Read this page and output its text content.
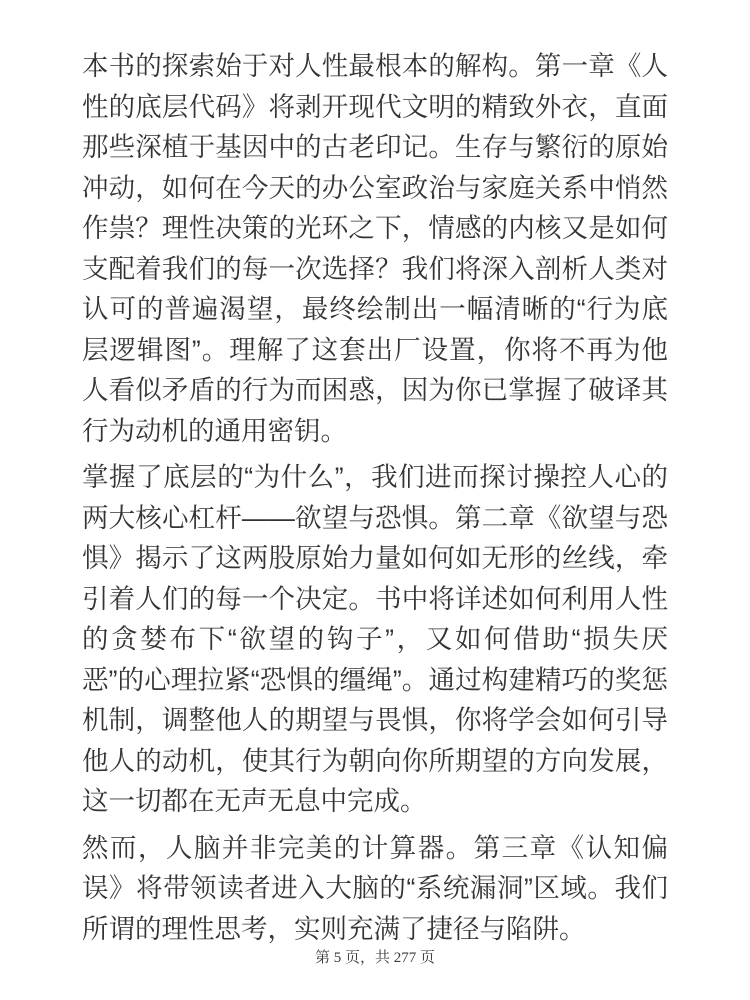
本书的探索始于对人性最根本的解构。第一章《人性的底层代码》将剥开现代文明的精致外衣，直面那些深植于基因中的古老印记。生存与繁衍的原始冲动，如何在今天的办公室政治与家庭关系中悄然作祟？理性决策的光环之下，情感的内核又是如何支配着我们的每一次选择？我们将深入剖析人类对认可的普遍渴望，最终绘制出一幅清晰的“行为底层逻辑图”。理解了这套出厂设置，你将不再为他人看似矛盾的行为而困惑，因为你已掌握了破译其行为动机的通用密钥。

掌握了底层的“为什么”，我们进而探讨操控人心的两大核心杠杆——欲望与恐惧。第二章《欲望与恐惧》揭示了这两股原始力量如何如无形的丝线，牵引着人们的每一个决定。书中将详述如何利用人性的贪婪布下“欲望的钩子”，又如何借助“损失厌恶”的心理拉紧“恐惧的缰绳”。通过构建精巧的奖惩机制，调整他人的期望与畏惧，你将学会如何引导他人的动机，使其行为朝向你所期望的方向发展，这一切都在无声无息中完成。

然而，人脑并非完美的计算器。第三章《认知偏误》将带领读者进入大脑的“系统漏洞”区域。我们所谓的理性思考，实则充满了捷径与陷阱。

第 5 页，共 277 页
